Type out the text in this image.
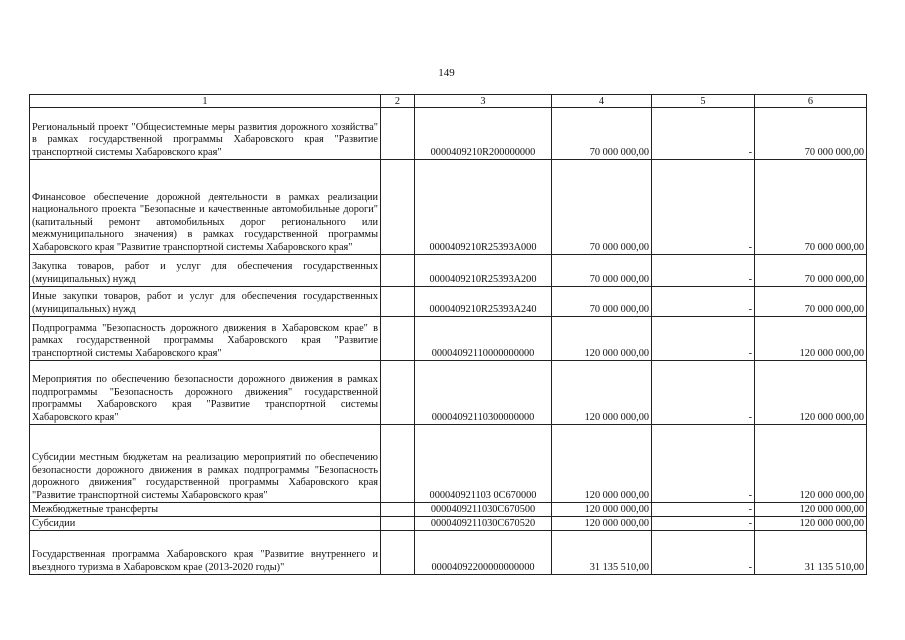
149
1	2	3	4	5	6
Региональный проект "Общесистемные меры развития дорожного хозяйства" в рамках государственной программы Хабаровского края "Развитие транспортной системы Хабаровского края"		0000409210R200000000	70 000 000,00	-	70 000 000,00
Финансовое обеспечение дорожной деятельности в рамках реализации национального проекта "Безопасные и качественные автомобильные дороги" (капитальный ремонт автомобильных дорог регионального или межмуниципального значения) в рамках государственной программы Хабаровского края "Развитие транспортной системы Хабаровского края"		0000409210R25393A000	70 000 000,00	-	70 000 000,00
Закупка товаров, работ и услуг для обеспечения государственных (муниципальных) нужд		0000409210R25393A200	70 000 000,00	-	70 000 000,00
Иные закупки товаров, работ и услуг для обеспечения государственных (муниципальных) нужд		0000409210R25393A240	70 000 000,00	-	70 000 000,00
Подпрограмма "Безопасность дорожного движения в Хабаровском крае" в рамках государственной программы Хабаровского края "Развитие транспортной системы Хабаровского края"		00004092110000000000	120 000 000,00	-	120 000 000,00
Мероприятия по обеспечению безопасности дорожного движения в рамках подпрограммы "Безопасность дорожного движения" государственной программы Хабаровского края "Развитие транспортной системы Хабаровского края"		00004092110300000000	120 000 000,00	-	120 000 000,00
Субсидии местным бюджетам на реализацию мероприятий по обеспечению безопасности дорожного движения в рамках подпрограммы "Безопасность дорожного движения" государственной программы Хабаровского края "Развитие транспортной системы Хабаровского края"		000040921103 0C670000	120 000 000,00	-	120 000 000,00
Межбюджетные трансферты		0000409211030C670500	120 000 000,00	-	120 000 000,00
Субсидии		0000409211030C670520	120 000 000,00	-	120 000 000,00
Государственная программа Хабаровского края "Развитие внутреннего и въездного туризма в Хабаровском крае (2013-2020 годы)"		00004092200000000000	31 135 510,00	-	31 135 510,00
